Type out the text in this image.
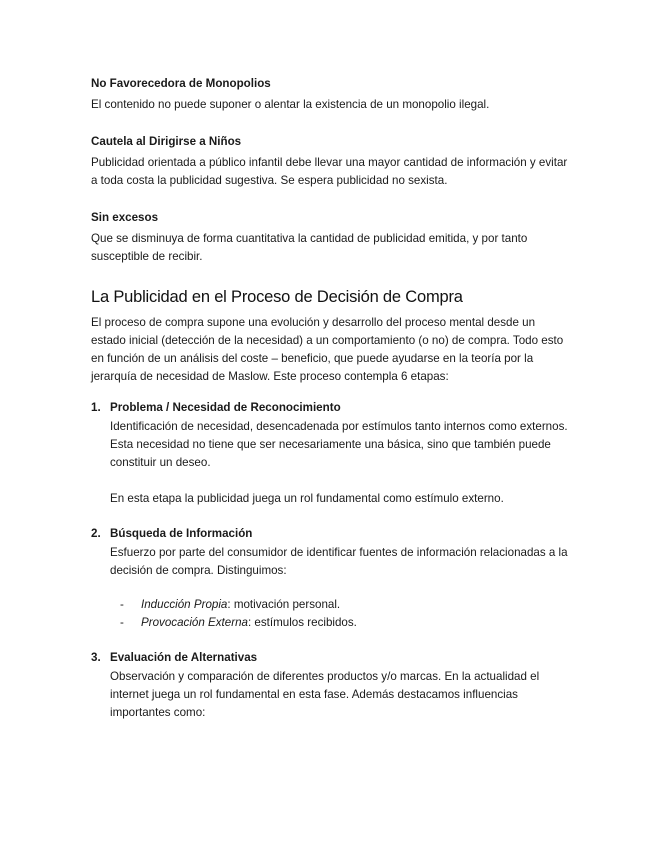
No Favorecedora de Monopolios

El contenido no puede suponer o alentar la existencia de un monopolio ilegal.

Cautela al Dirigirse a Niños

Publicidad orientada a público infantil debe llevar una mayor cantidad de información y evitar a toda costa la publicidad sugestiva. Se espera publicidad no sexista.

Sin excesos

Que se disminuya de forma cuantitativa la cantidad de publicidad emitida, y por tanto susceptible de recibir.

La Publicidad en el Proceso de Decisión de Compra

El proceso de compra supone una evolución y desarrollo del proceso mental desde un estado inicial (detección de la necesidad) a un comportamiento (o no) de compra. Todo esto en función de un análisis del coste – beneficio, que puede ayudarse en la teoría por la jerarquía de necesidad de Maslow. Este proceso contempla 6 etapas:

1. Problema / Necesidad de Reconocimiento

Identificación de necesidad, desencadenada por estímulos tanto internos como externos. Esta necesidad no tiene que ser necesariamente una básica, sino que también puede constituir un deseo.

En esta etapa la publicidad juega un rol fundamental como estímulo externo.

2. Búsqueda de Información

Esfuerzo por parte del consumidor de identificar fuentes de información relacionadas a la decisión de compra. Distinguimos:

- Inducción Propia: motivación personal.
- Provocación Externa: estímulos recibidos.
3. Evaluación de Alternativas

Observación y comparación de diferentes productos y/o marcas. En la actualidad el internet juega un rol fundamental en esta fase. Además destacamos influencias importantes como:
